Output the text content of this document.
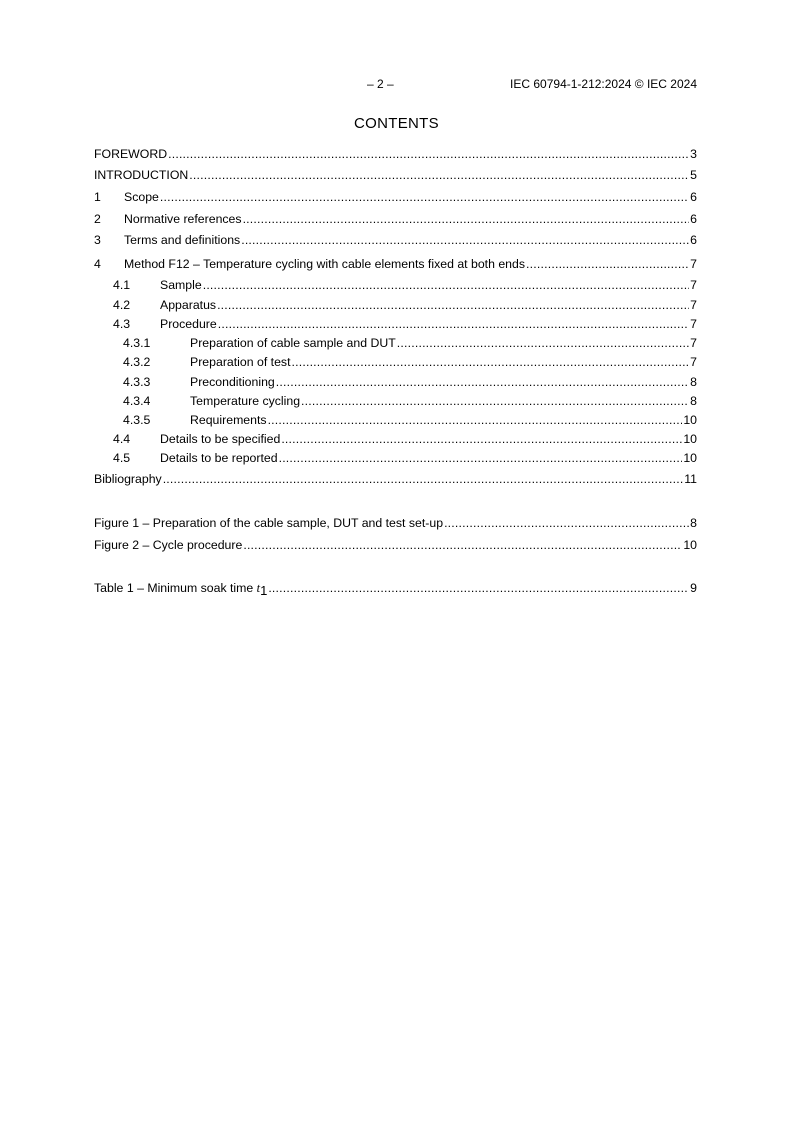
– 2 –	IEC 60794-1-212:2024 © IEC 2024
CONTENTS
FOREWORD .....	3
INTRODUCTION .....	5
1	Scope .....	6
2	Normative references .....	6
3	Terms and definitions .....	6
4	Method F12 – Temperature cycling with cable elements fixed at both ends .....	7
4.1	Sample .....	7
4.2	Apparatus .....	7
4.3	Procedure .....	7
4.3.1	Preparation of cable sample and DUT .....	7
4.3.2	Preparation of test .....	7
4.3.3	Preconditioning .....	8
4.3.4	Temperature cycling .....	8
4.3.5	Requirements .....	10
4.4	Details to be specified .....	10
4.5	Details to be reported .....	10
Bibliography .....	11
Figure 1 – Preparation of the cable sample, DUT and test set-up .....	8
Figure 2 – Cycle procedure .....	10
Table 1 – Minimum soak time t1 .....	9
